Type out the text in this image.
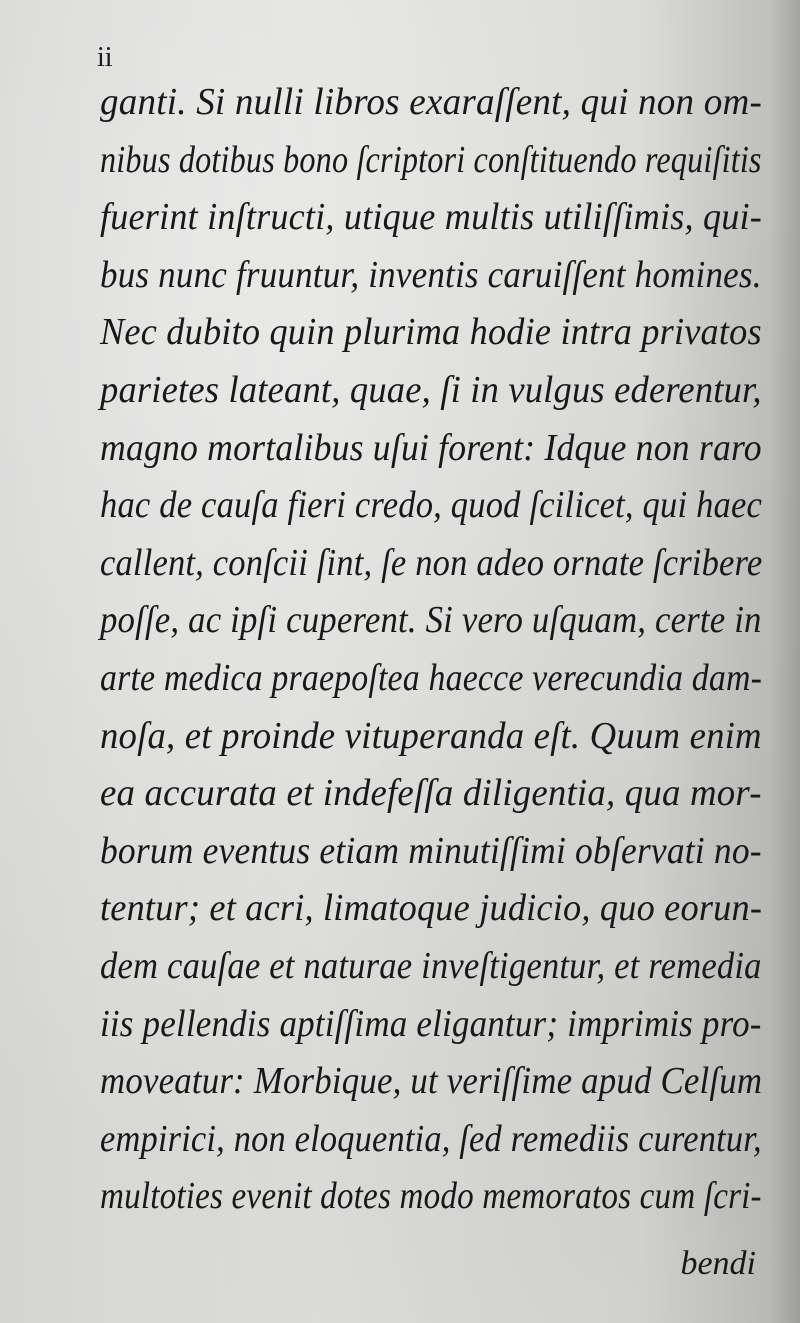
ii
ganti. Si nulli libros exaraſſent, qui non om-
nibus dotibus bono ſcriptori conſtituendo requiſitis
fuerint inſtructi, utique multis utiliſſimis, qui-
bus nunc fruuntur, inventis caruiſſent homines.
Nec dubito quin plurima hodie intra privatos
parietes lateant, quae, ſi in vulgus ederentur,
magno mortalibus uſui forent: Idque non raro
hac de cauſa fieri credo, quod ſcilicet, qui haec
callent, conſcii ſint, ſe non adeo ornate ſcribere
poſſe, ac ipſi cuperent. Si vero uſquam, certe in
arte medica praepoſtea haecce verecundia dam-
noſa, et proinde vituperanda eſt. Quum enim
ea accurata et indefeſſa diligentia, qua mor-
borum eventus etiam minutiſſimi obſervati no-
tentur; et acri, limatoque judicio, quo eorun-
dem cauſae et naturae inveſtigentur, et remedia
iis pellendis aptiſſima eligantur; imprimis pro-
moveatur: Morbique, ut veriſſime apud Celſum
empirici, non eloquentia, ſed remediis curentur,
multoties evenit dotes modo memoratos cum ſcri-
bendi
